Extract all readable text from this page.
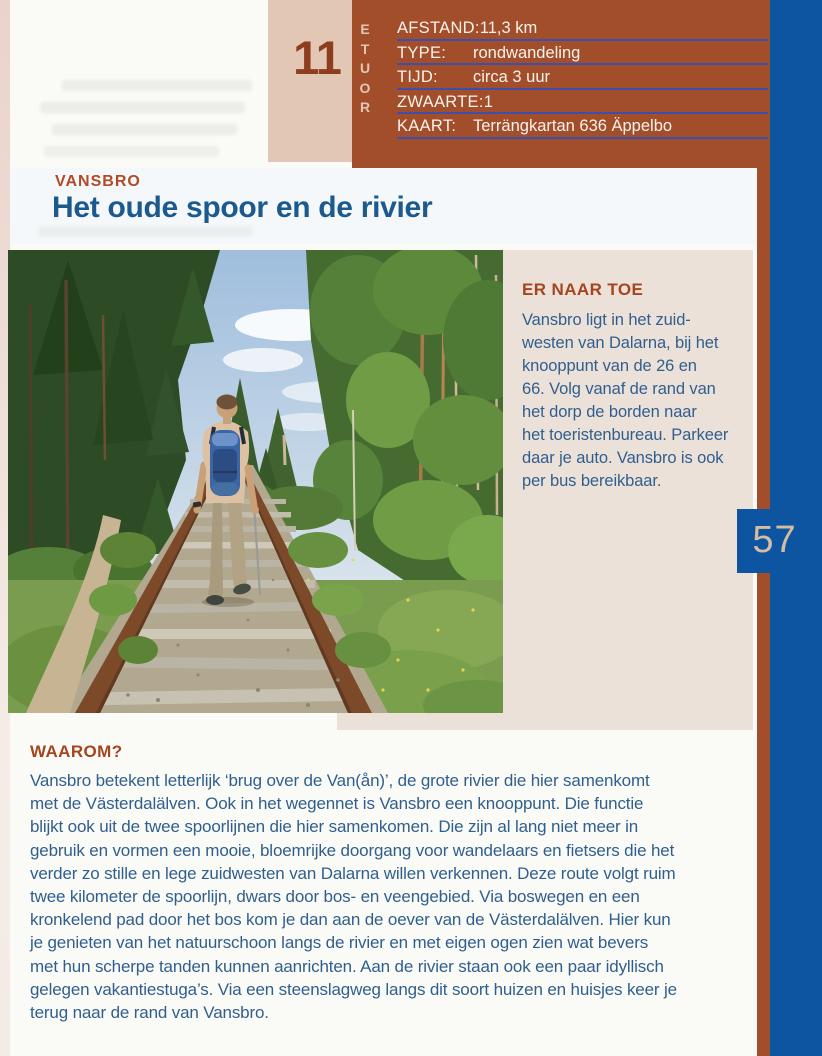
AFSTAND: 11,3 km
TYPE:	rondwandeling
TIJD:	circa 3 uur
ZWAARTE: 1
KAART:	Terrängkartan 636 Äppelbo
11
E
T
U
O
R
VANSBRO
Het oude spoor en de rivier
ER NAAR TOE
Vansbro ligt in het zuid-
westen van Dalarna, bij het
knooppunt van de 26 en
66. Volg vanaf de rand van
het dorp de borden naar
het toeristenbureau. Parkeer
daar je auto. Vansbro is ook
per bus bereikbaar.
57
WAAROM?
Vansbro betekent letterlijk ‘brug over de Van(ån)’, de grote rivier die hier samenkomt
met de Västerdalälven. Ook in het wegennet is Vansbro een knooppunt. Die functie
blijkt ook uit de twee spoorlijnen die hier samenkomen. Die zijn al lang niet meer in
gebruik en vormen een mooie, bloemrijke doorgang voor wandelaars en fietsers die het
verder zo stille en lege zuidwesten van Dalarna willen verkennen. Deze route volgt ruim
twee kilometer de spoorlijn, dwars door bos- en veengebied. Via boswegen en een
kronkelend pad door het bos kom je dan aan de oever van de Västerdalälven. Hier kun
je genieten van het natuurschoon langs de rivier en met eigen ogen zien wat bevers
met hun scherpe tanden kunnen aanrichten. Aan de rivier staan ook een paar idyllisch
gelegen vakantiestuga’s. Via een steenslagweg langs dit soort huizen en huisjes keer je
terug naar de rand van Vansbro.
